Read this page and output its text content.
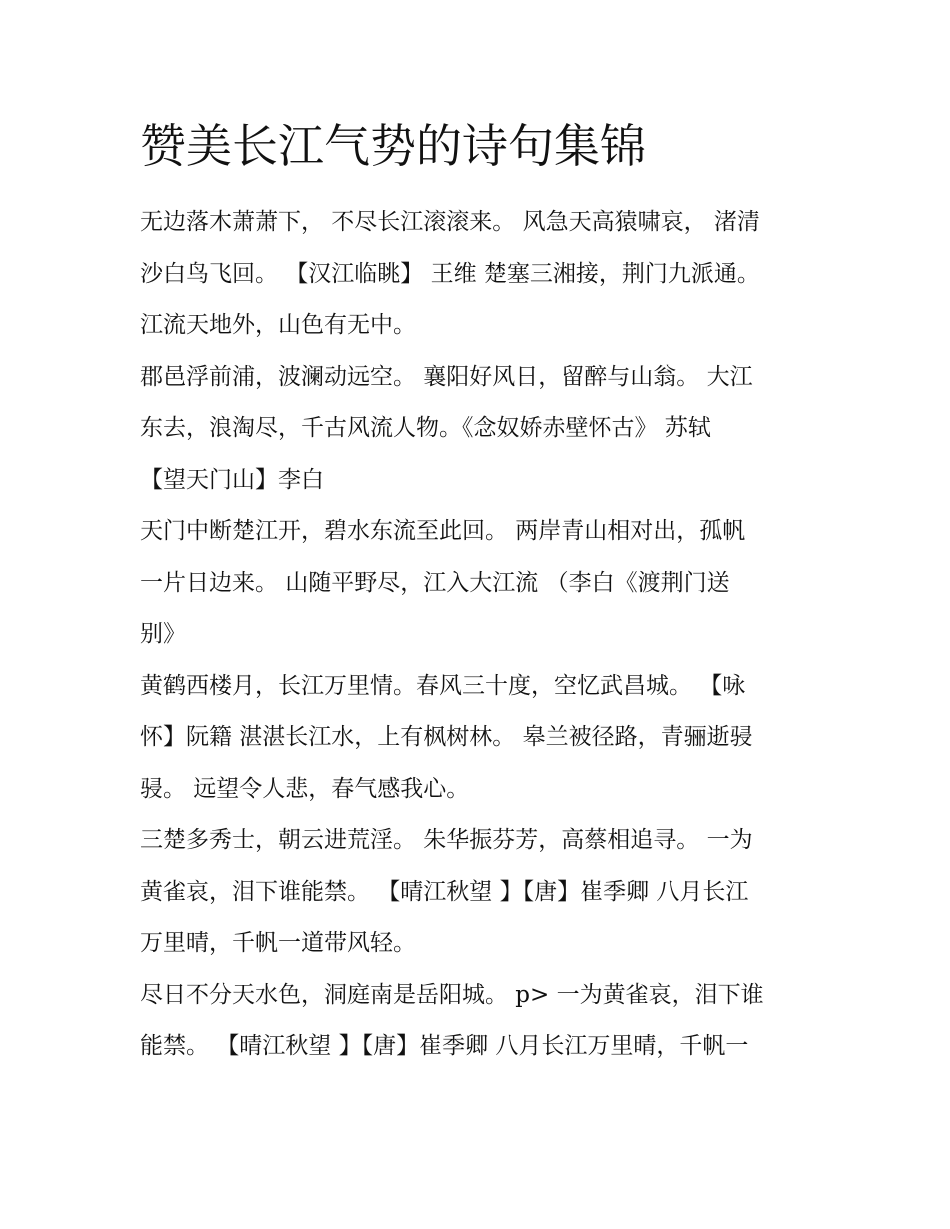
赞美长江气势的诗句集锦
无边落木萧萧下， 不尽长江滚滚来。 风急天高猿啸哀， 渚清
沙白鸟飞回。 【汉江临眺】 王维 楚塞三湘接，荆门九派通。
江流天地外，山色有无中。
郡邑浮前浦，波澜动远空。 襄阳好风日，留醉与山翁。 大江
东去，浪淘尽，千古风流人物。《念奴娇赤壁怀古》 苏轼
【望天门山】李白
天门中断楚江开，碧水东流至此回。 两岸青山相对出，孤帆
一片日边来。 山随平野尽，江入大江流 （李白《渡荆门送
别》
黄鹤西楼月，长江万里情。春风三十度，空忆武昌城。 【咏
怀】阮籍 湛湛长江水，上有枫树林。 皋兰被径路，青骊逝骎
骎。 远望令人悲，春气感我心。
三楚多秀士，朝云进荒淫。 朱华振芬芳，高蔡相追寻。 一为
黄雀哀，泪下谁能禁。 【晴江秋望 】【唐】崔季卿 八月长江
万里晴，千帆一道带风轻。
尽日不分天水色，洞庭南是岳阳城。 p> 一为黄雀哀，泪下谁
能禁。 【晴江秋望 】【唐】崔季卿 八月长江万里晴，千帆一
